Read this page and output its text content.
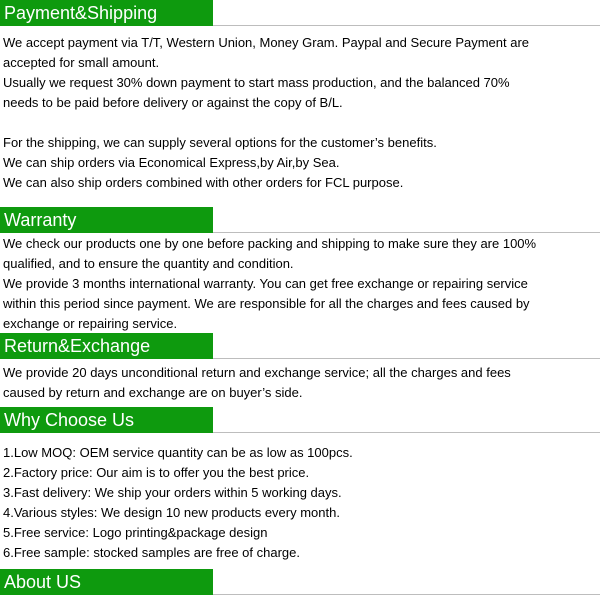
Payment&Shipping
We accept payment via T/T, Western Union, Money Gram. Paypal and Secure Payment are
accepted for small amount.
Usually we request 30% down payment to start mass production, and the balanced 70%
needs to be paid before delivery or against the copy of B/L.
For the shipping, we can supply several options for the customer’s benefits.
We can ship orders via Economical Express,by Air,by Sea.
We can also ship orders combined with other orders for FCL purpose.
Warranty
We check our products one by one before packing and shipping to make sure they are 100%
qualified, and to ensure the quantity and condition.
We provide 3 months international warranty. You can get free exchange or repairing service
within this period since payment. We are responsible for all the charges and fees caused by
exchange or repairing service.
Return&Exchange
We provide 20 days unconditional return and exchange service; all the charges and fees
caused by return and exchange are on buyer’s side.
Why Choose Us
1.Low MOQ: OEM service quantity can be as low as 100pcs.
2.Factory price: Our aim is to offer you the best price.
3.Fast delivery: We ship your orders within 5 working days.
4.Various styles: We design 10 new products every month.
5.Free service: Logo printing&package design
6.Free sample: stocked samples are free of charge.
About US
